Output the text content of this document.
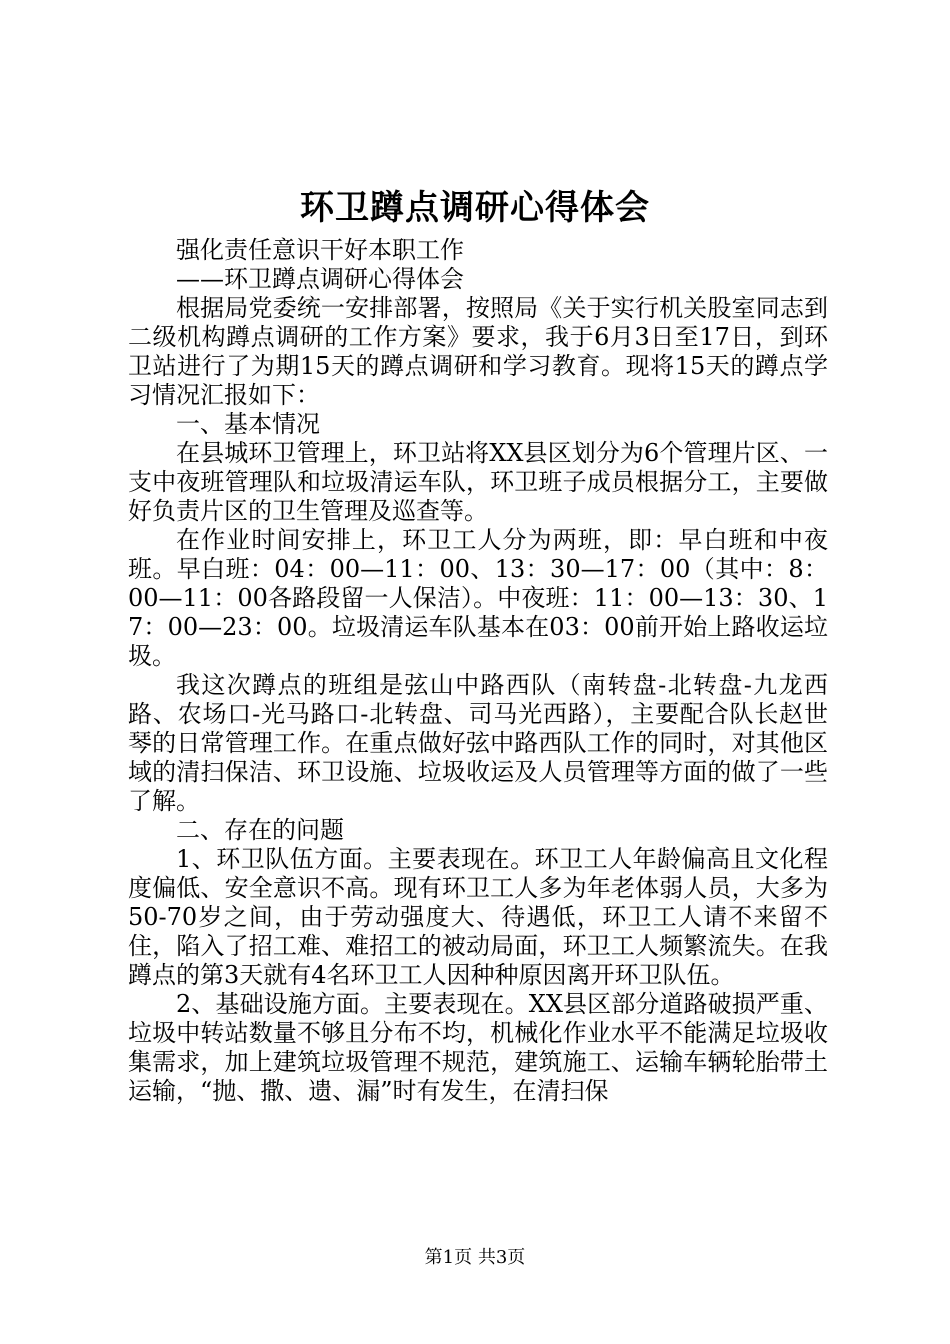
环卫蹲点调研心得体会

强化责任意识干好本职工作

——环卫蹲点调研心得体会

根据局党委统一安排部署，按照局《关于实行机关股室同志到二级机构蹲点调研的工作方案》要求，我于6月3日至17日，到环卫站进行了为期15天的蹲点调研和学习教育。现将15天的蹲点学习情况汇报如下：

一、基本情况

在县城环卫管理上，环卫站将XX县区划分为6个管理片区、一支中夜班管理队和垃圾清运车队，环卫班子成员根据分工，主要做好负责片区的卫生管理及巡查等。

在作业时间安排上，环卫工人分为两班，即：早白班和中夜班。早白班：04：00—11：00、13：30—17：00（其中：8：00—11：00各路段留一人保洁）。中夜班：11：00—13：30、17：00—23：00。垃圾清运车队基本在03：00前开始上路收运垃圾。

我这次蹲点的班组是弦山中路西队（南转盘-北转盘-九龙西路、农场口-光马路口-北转盘、司马光西路），主要配合队长赵世琴的日常管理工作。在重点做好弦中路西队工作的同时，对其他区域的清扫保洁、环卫设施、垃圾收运及人员管理等方面的做了一些了解。

二、存在的问题

1、环卫队伍方面。主要表现在。环卫工人年龄偏高且文化程度偏低、安全意识不高。现有环卫工人多为年老体弱人员，大多为50-70岁之间，由于劳动强度大、待遇低，环卫工人请不来留不住，陷入了招工难、难招工的被动局面，环卫工人频繁流失。在我蹲点的第3天就有4名环卫工人因种种原因离开环卫队伍。

2、基础设施方面。主要表现在。XX县区部分道路破损严重、垃圾中转站数量不够且分布不均，机械化作业水平不能满足垃圾收集需求，加上建筑垃圾管理不规范，建筑施工、运输车辆轮胎带土运输，“抛、撒、遗、漏”时有发生，在清扫保

第1页 共3页
